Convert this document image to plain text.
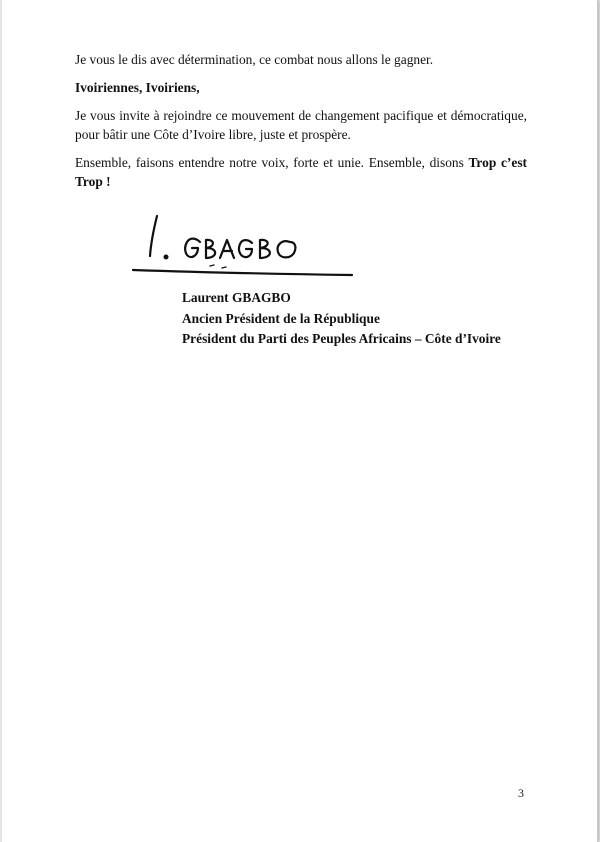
Je vous le dis avec détermination, ce combat nous allons le gagner.

Ivoiriennes, Ivoiriens,

Je vous invite à rejoindre ce mouvement de changement pacifique et démocratique, pour bâtir une Côte d’Ivoire libre, juste et prospère.

Ensemble, faisons entendre notre voix, forte et unie. Ensemble, disons Trop c’est Trop !

Laurent GBAGBO
Ancien Président de la République
Président du Parti des Peuples Africains – Côte d’Ivoire
3
